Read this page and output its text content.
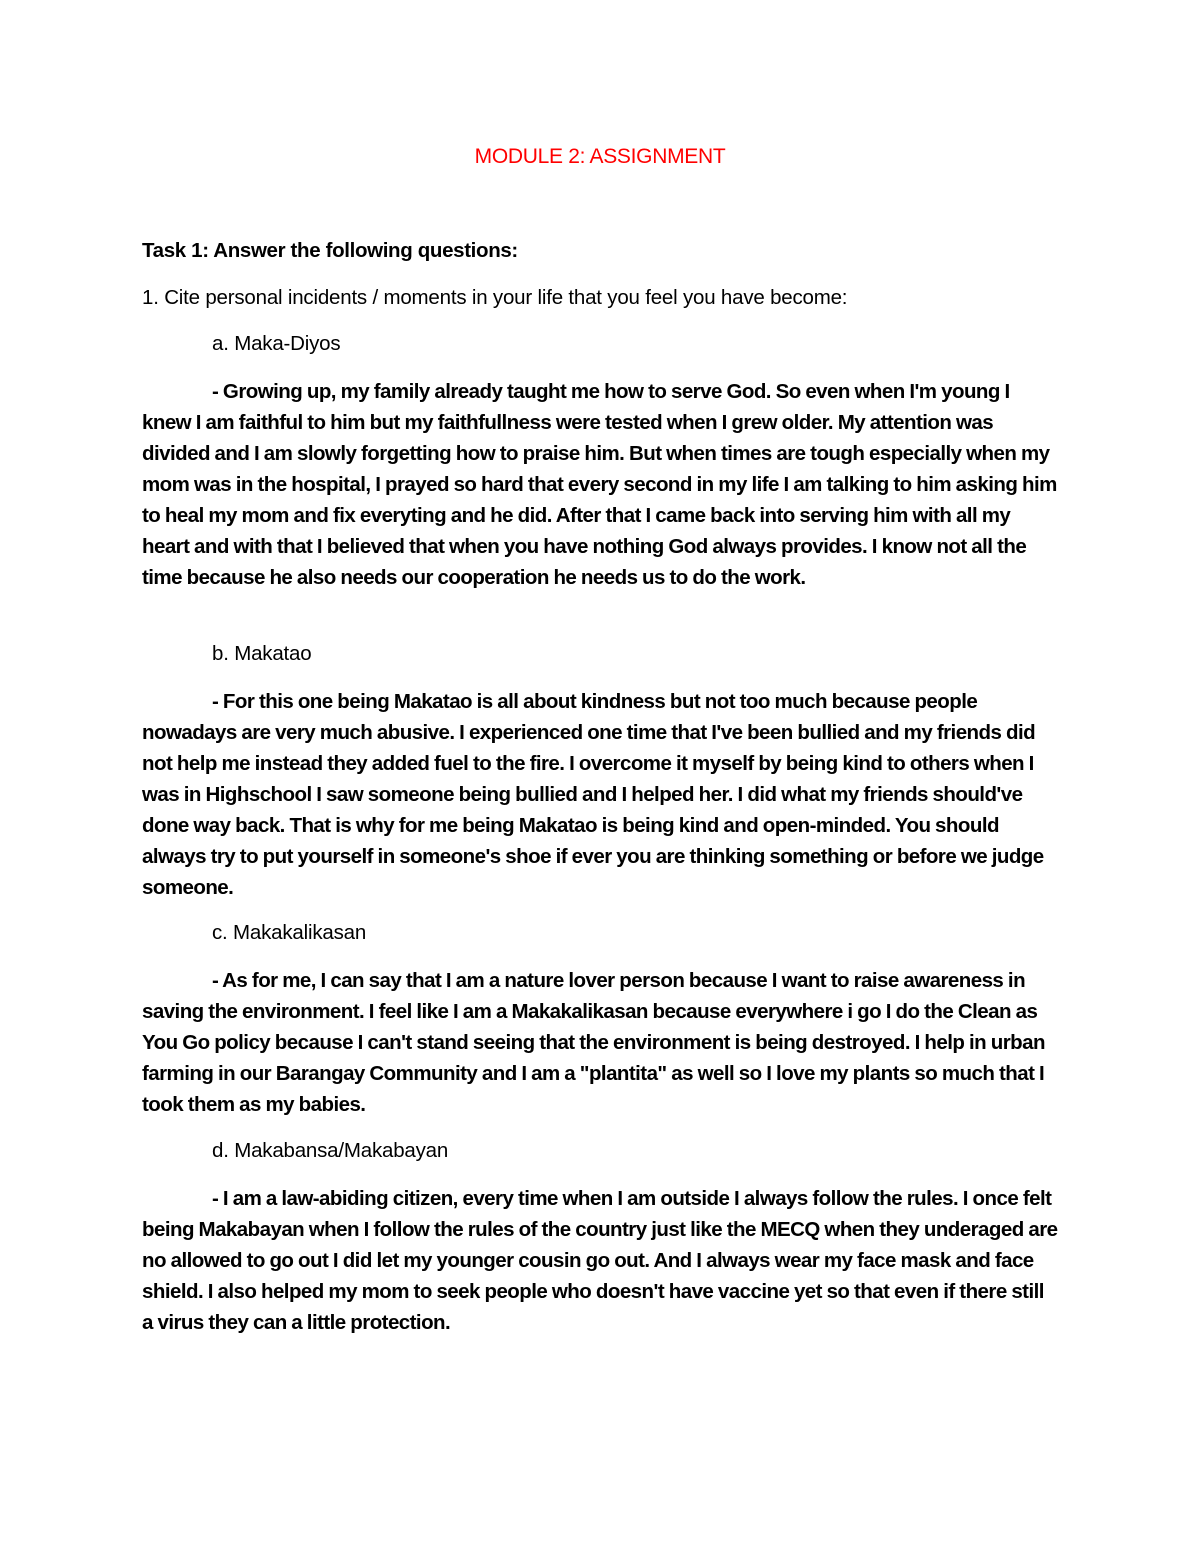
MODULE 2: ASSIGNMENT
Task 1: Answer the following questions:
1. Cite personal incidents / moments in your life that you feel you have become:
a. Maka-Diyos
- Growing up, my family already taught me how to serve God. So even when I'm young I knew I am faithful to him but my faithfullness were tested when I grew older. My attention was divided and I am slowly forgetting how to praise him. But when times are tough especially when my mom was in the hospital, I prayed so hard that every second in my life I am talking to him asking him to heal my mom and fix everyting and he did. After that I came back into serving him with all my heart and with that I believed that when you have nothing God always provides. I know not all the time because he also needs our cooperation he needs us to do the work.
b. Makatao
- For this one being Makatao is all about kindness but not too much because people nowadays are very much abusive. I experienced one time that I've been bullied and my friends did not help me instead they added fuel to the fire. I overcome it myself by being kind to others when I was in Highschool I saw someone being bullied and I helped her. I did what my friends should've done way back. That is why for me being Makatao is being kind and open-minded. You should always try to put yourself in someone's shoe if ever you are thinking something or before we judge someone.
c. Makakalikasan
- As for me, I can say that I am a nature lover person because I want to raise awareness in saving the environment. I feel like I am a Makakalikasan because everywhere i go I do the Clean as You Go policy because I can't stand seeing that the environment is being destroyed. I help in urban farming in our Barangay Community and I am a "plantita" as well so I love my plants so much that I took them as my babies.
d. Makabansa/Makabayan
- I am a law-abiding citizen, every time when I am outside I always follow the rules. I once felt being Makabayan when I follow the rules of the country just like the MECQ when they underaged are no allowed to go out I did let my younger cousin go out. And I always wear my face mask and face shield. I also helped my mom to seek people who doesn't have vaccine yet so that even if there still a virus they can a little protection.
